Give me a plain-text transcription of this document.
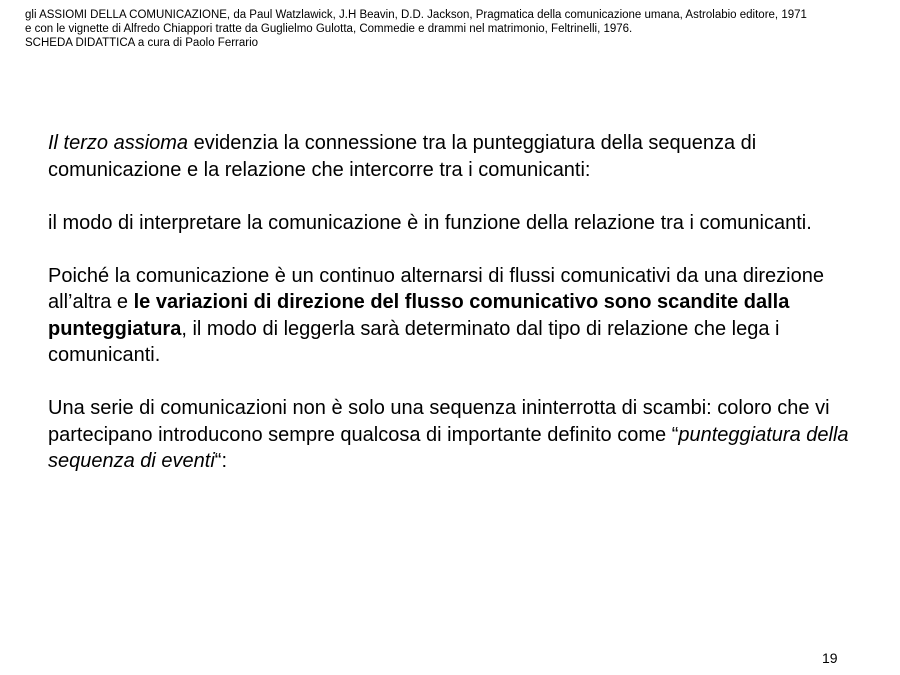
gli ASSIOMI DELLA COMUNICAZIONE, da Paul Watzlawick, J.H Beavin, D.D. Jackson, Pragmatica della comunicazione umana, Astrolabio editore, 1971
e con le vignette di Alfredo Chiappori tratte da Guglielmo Gulotta, Commedie e drammi nel matrimonio, Feltrinelli, 1976.
SCHEDA DIDATTICA a cura di Paolo Ferrario

Il terzo assioma evidenzia la connessione tra la punteggiatura della sequenza di comunicazione e la relazione che intercorre tra i comunicanti:

il modo di interpretare la comunicazione è in funzione della relazione tra i comunicanti.

Poiché la comunicazione è un continuo alternarsi di flussi comunicativi da una direzione all’altra e le variazioni di direzione del flusso comunicativo sono scandite dalla punteggiatura, il modo di leggerla sarà determinato dal tipo di relazione che lega i comunicanti.

Una serie di comunicazioni non è solo una sequenza ininterrotta di scambi: coloro che vi partecipano introducono sempre qualcosa di importante definito come “punteggiatura della sequenza di eventi“:

19
